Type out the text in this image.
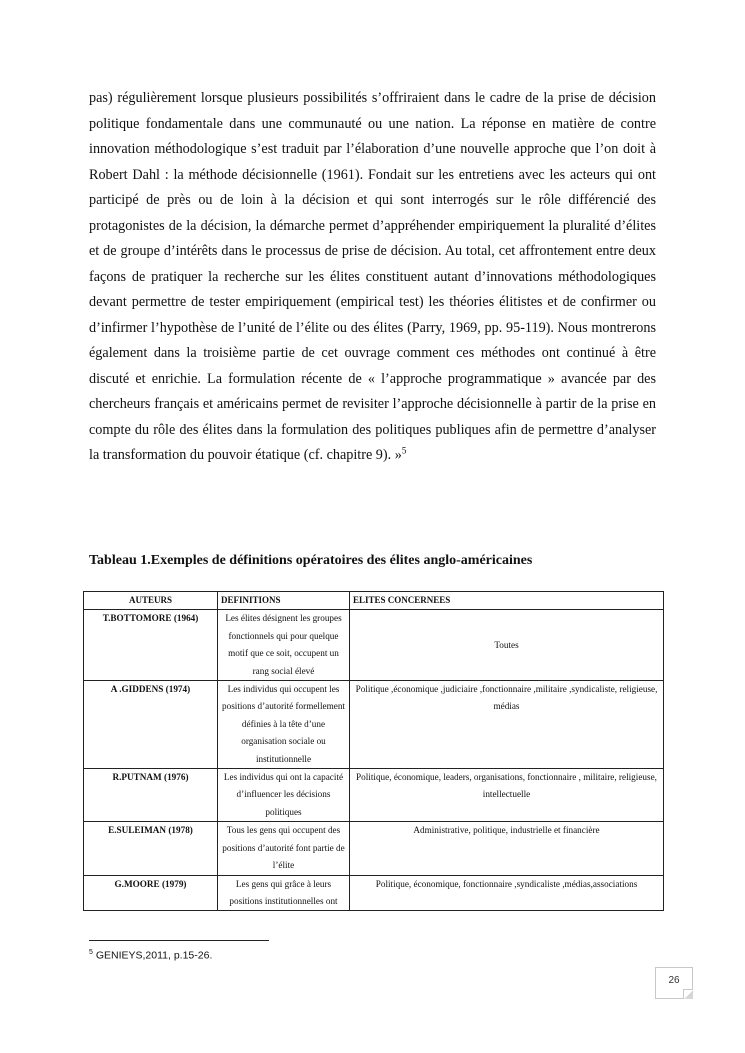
pas) régulièrement lorsque plusieurs possibilités s’offriraient dans le cadre de la prise de décision politique fondamentale dans une communauté ou une nation. La réponse en matière de contre innovation méthodologique s’est traduit par l’élaboration d’une nouvelle approche que l’on doit à Robert Dahl : la méthode décisionnelle (1961). Fondait sur les entretiens avec les acteurs qui ont participé de près ou de loin à la décision et qui sont interrogés sur le rôle différencié des protagonistes de la décision, la démarche permet d’appréhender empiriquement la pluralité d’élites et de groupe d’intérêts dans le processus de prise de décision. Au total, cet affrontement entre deux façons de pratiquer la recherche sur les élites constituent autant d’innovations méthodologiques devant permettre de tester empiriquement (empirical test) les théories élitistes et de confirmer ou d’infirmer l’hypothèse de l’unité de l’élite ou des élites (Parry, 1969, pp. 95-119). Nous montrerons également dans la troisième partie de cet ouvrage comment ces méthodes ont continué à être discuté et enrichie. La formulation récente de « l’approche programmatique » avancée par des chercheurs français et américains permet de revisiter l’approche décisionnelle à partir de la prise en compte du rôle des élites dans la formulation des politiques publiques afin de permettre d’analyser la transformation du pouvoir étatique (cf. chapitre 9). »$^5$

Tableau 1.Exemples de définitions opératoires des élites anglo-américaines
AUTEURS	DEFINITIONS	ELITES CONCERNEES
T.BOTTOMORE (1964)	Les élites désignent les groupes fonctionnels qui pour quelque motif que ce soit, occupent un rang social élevé	Toutes
A .GIDDENS (1974)	Les individus qui occupent les positions d’autorité formellement définies à la tête d’une organisation sociale ou institutionnelle	Politique ,économique ,judiciaire ,fonctionnaire ,militaire ,syndicaliste, religieuse, médias
R.PUTNAM (1976)	Les individus qui ont la capacité d’influencer les décisions politiques	Politique, économique, leaders, organisations, fonctionnaire , militaire, religieuse, intellectuelle
E.SULEIMAN (1978)	Tous les gens qui occupent des positions d’autorité font partie de l’élite	Administrative, politique, industrielle et financière
G.MOORE (1979)	Les gens qui grâce à leurs positions institutionnelles ont	Politique, économique, fonctionnaire ,syndicaliste ,médias,associations
$^5$ GENIEYS,2011, p.15-26.
26
